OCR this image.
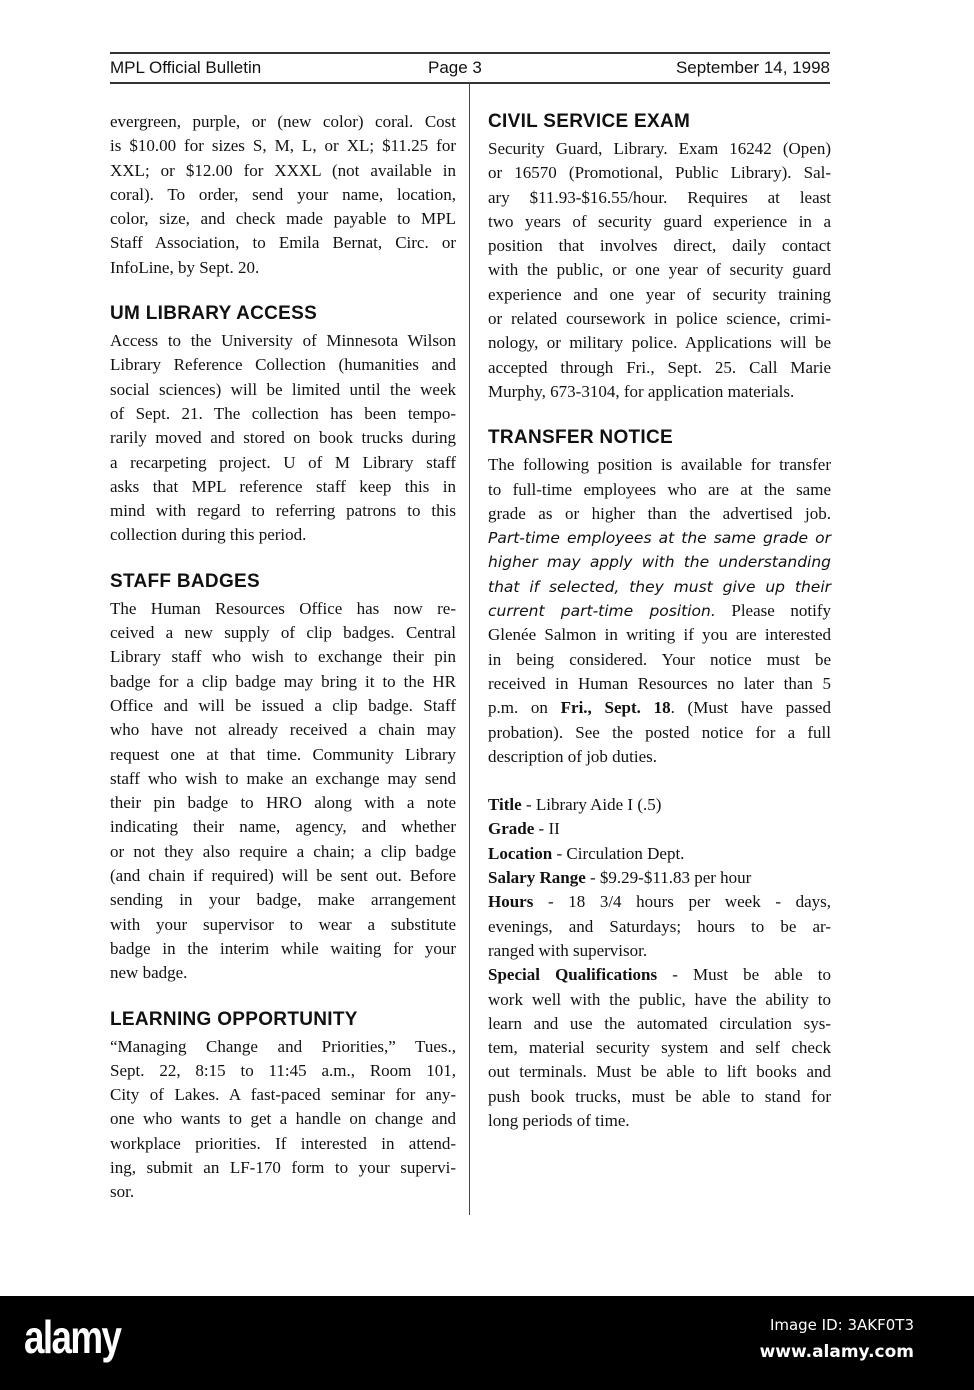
MPL Official Bulletin	Page 3	September 14, 1998
evergreen, purple, or (new color) coral. Cost
is $10.00 for sizes S, M, L, or XL; $11.25 for
XXL; or $12.00 for XXXL (not available in
coral). To order, send your name, location,
color, size, and check made payable to MPL
Staff Association, to Emila Bernat, Circ. or
InfoLine, by Sept. 20.
UM LIBRARY ACCESS
Access to the University of Minnesota Wilson
Library Reference Collection (humanities and
social sciences) will be limited until the week
of Sept. 21. The collection has been tempo-
rarily moved and stored on book trucks during
a recarpeting project. U of M Library staff
asks that MPL reference staff keep this in
mind with regard to referring patrons to this
collection during this period.
STAFF BADGES
The Human Resources Office has now re-
ceived a new supply of clip badges. Central
Library staff who wish to exchange their pin
badge for a clip badge may bring it to the HR
Office and will be issued a clip badge. Staff
who have not already received a chain may
request one at that time. Community Library
staff who wish to make an exchange may send
their pin badge to HRO along with a note
indicating their name, agency, and whether
or not they also require a chain; a clip badge
(and chain if required) will be sent out. Before
sending in your badge, make arrangement
with your supervisor to wear a substitute
badge in the interim while waiting for your
new badge.
LEARNING OPPORTUNITY
“Managing Change and Priorities,” Tues.,
Sept. 22, 8:15 to 11:45 a.m., Room 101,
City of Lakes. A fast-paced seminar for any-
one who wants to get a handle on change and
workplace priorities. If interested in attend-
ing, submit an LF-170 form to your supervi-
sor.
CIVIL SERVICE EXAM
Security Guard, Library. Exam 16242 (Open)
or 16570 (Promotional, Public Library). Sal-
ary $11.93-$16.55/hour. Requires at least
two years of security guard experience in a
position that involves direct, daily contact
with the public, or one year of security guard
experience and one year of security training
or related coursework in police science, crimi-
nology, or military police. Applications will be
accepted through Fri., Sept. 25. Call Marie
Murphy, 673-3104, for application materials.
TRANSFER NOTICE
The following position is available for transfer
to full-time employees who are at the same
grade as or higher than the advertised job.
Part-time employees at the same grade or
higher may apply with the understanding
that if selected, they must give up their
current part-time position. Please notify
Glenée Salmon in writing if you are interested
in being considered. Your notice must be
received in Human Resources no later than 5
p.m. on Fri., Sept. 18. (Must have passed
probation). See the posted notice for a full
description of job duties.
Title - Library Aide I (.5)
Grade - II
Location - Circulation Dept.
Salary Range - $9.29-$11.83 per hour
Hours - 18 3/4 hours per week - days,
evenings, and Saturdays; hours to be ar-
ranged with supervisor.
Special Qualifications - Must be able to
work well with the public, have the ability to
learn and use the automated circulation sys-
tem, material security system and self check
out terminals. Must be able to lift books and
push book trucks, must be able to stand for
long periods of time.
alamy	Image ID: 3AKF0T3
www.alamy.com
